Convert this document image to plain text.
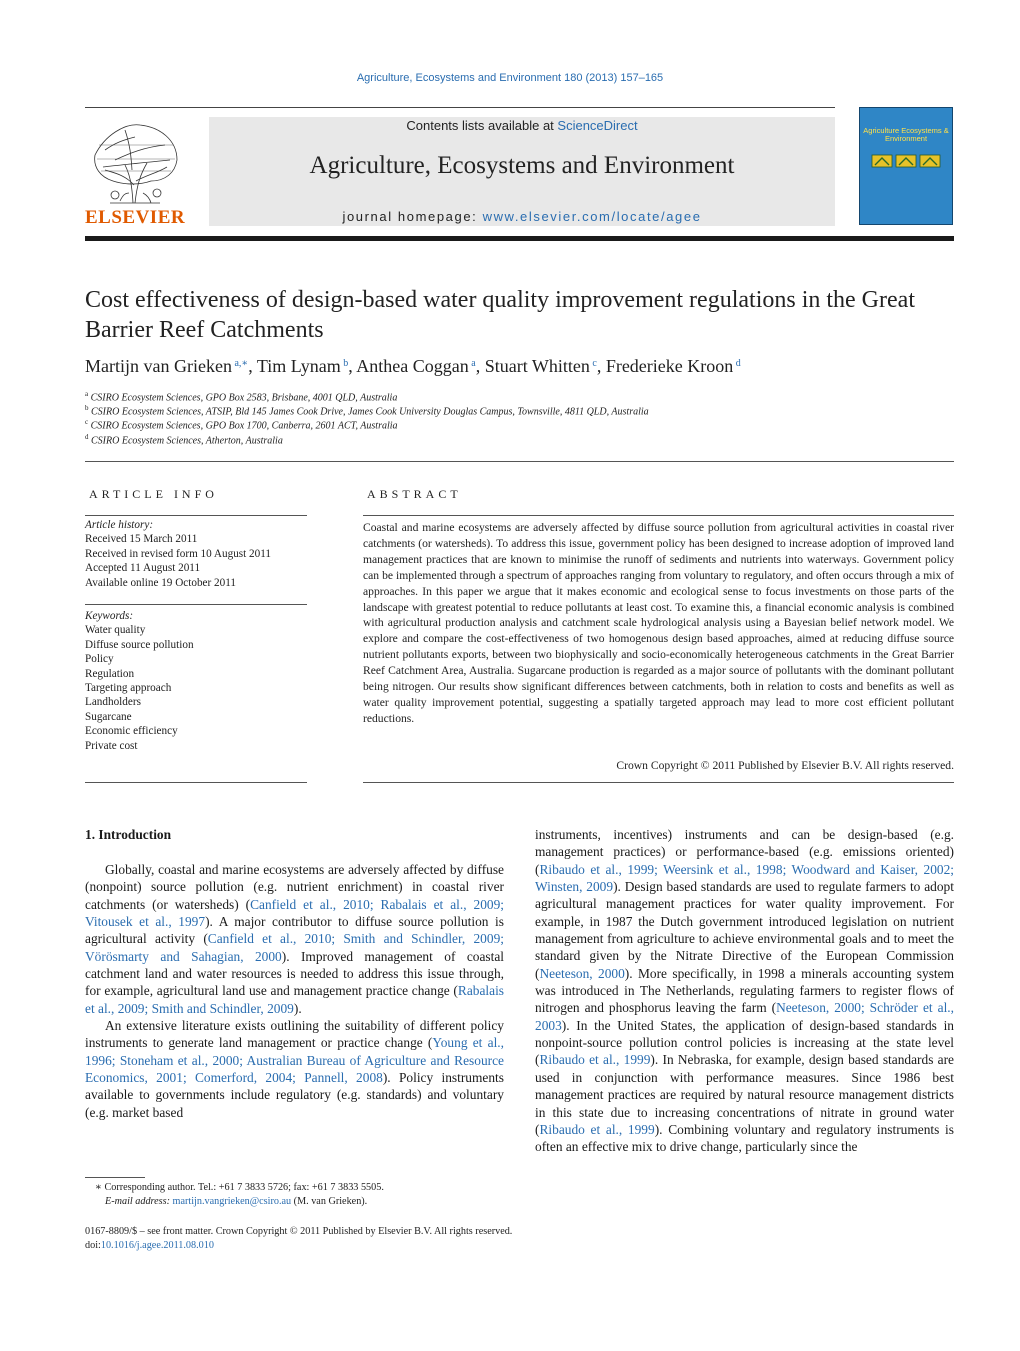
Agriculture, Ecosystems and Environment 180 (2013) 157–165
ELSEVIER
Contents lists available at ScienceDirect
Agriculture, Ecosystems and Environment
journal homepage: www.elsevier.com/locate/agee
Agriculture Ecosystems & Environment
Cost effectiveness of design-based water quality improvement regulations in the Great Barrier Reef Catchments
Martijn van Grieken $^{a,∗}$, Tim Lynam $^b$, Anthea Coggan $^a$, Stuart Whitten $^c$, Frederieke Kroon $^d$
$^a$ CSIRO Ecosystem Sciences, GPO Box 2583, Brisbane, 4001 QLD, Australia
$^b$ CSIRO Ecosystem Sciences, ATSIP, Bld 145 James Cook Drive, James Cook University Douglas Campus, Townsville, 4811 QLD, Australia
$^c$ CSIRO Ecosystem Sciences, GPO Box 1700, Canberra, 2601 ACT, Australia
$^d$ CSIRO Ecosystem Sciences, Atherton, Australia
ARTICLE INFO
Article history:
Received 15 March 2011
Received in revised form 10 August 2011
Accepted 11 August 2011
Available online 19 October 2011
Keywords:
Water quality
Diffuse source pollution
Policy
Regulation
Targeting approach
Landholders
Sugarcane
Economic efficiency
Private cost
ABSTRACT
Coastal and marine ecosystems are adversely affected by diffuse source pollution from agricultural activities in coastal river catchments (or watersheds). To address this issue, government policy has been designed to increase adoption of improved land management practices that are known to minimise the runoff of sediments and nutrients into waterways. Government policy can be implemented through a spectrum of approaches ranging from voluntary to regulatory, and often occurs through a mix of approaches. In this paper we argue that it makes economic and ecological sense to focus investments on those parts of the landscape with greatest potential to reduce pollutants at least cost. To examine this, a financial economic analysis is combined with agricultural production analysis and catchment scale hydrological analysis using a Bayesian belief network model. We explore and compare the cost-effectiveness of two homogenous design based approaches, aimed at reducing diffuse source nutrient pollutants exports, between two biophysically and socio-economically heterogeneous catchments in the Great Barrier Reef Catchment Area, Australia. Sugarcane production is regarded as a major source of pollutants with the dominant pollutant being nitrogen. Our results show significant differences between catchments, both in relation to costs and benefits as well as water quality improvement potential, suggesting a spatially targeted approach may lead to more cost efficient pollutant reductions.
Crown Copyright © 2011 Published by Elsevier B.V. All rights reserved.
1. Introduction

Globally, coastal and marine ecosystems are adversely affected by diffuse (nonpoint) source pollution (e.g. nutrient enrichment) in coastal river catchments (or watersheds) (Canfield et al., 2010; Rabalais et al., 2009; Vitousek et al., 1997). A major contributor to diffuse source pollution is agricultural activity (Canfield et al., 2010; Smith and Schindler, 2009; Vörösmarty and Sahagian, 2000). Improved management of coastal catchment land and water resources is needed to address this issue through, for example, agricultural land use and management practice change (Rabalais et al., 2009; Smith and Schindler, 2009).

An extensive literature exists outlining the suitability of different policy instruments to generate land management or practice change (Young et al., 1996; Stoneham et al., 2000; Australian Bureau of Agriculture and Resource Economics, 2001; Comerford, 2004; Pannell, 2008). Policy instruments available to governments include regulatory (e.g. standards) and voluntary (e.g. market based

instruments, incentives) instruments and can be design-based (e.g. management practices) or performance-based (e.g. emissions oriented) (Ribaudo et al., 1999; Weersink et al., 1998; Woodward and Kaiser, 2002; Winsten, 2009). Design based standards are used to regulate farmers to adopt agricultural management practices for water quality improvement. For example, in 1987 the Dutch government introduced legislation on nutrient management from agriculture to achieve environmental goals and to meet the standard given by the Nitrate Directive of the European Commission (Neeteson, 2000). More specifically, in 1998 a minerals accounting system was introduced in The Netherlands, regulating farmers to register flows of nitrogen and phosphorus leaving the farm (Neeteson, 2000; Schröder et al., 2003). In the United States, the application of design-based standards in nonpoint-source pollution control policies is increasing at the state level (Ribaudo et al., 1999). In Nebraska, for example, design based standards are used in conjunction with performance measures. Since 1986 best management practices are required by natural resource management districts in this state due to increasing concentrations of nitrate in ground water (Ribaudo et al., 1999). Combining voluntary and regulatory instruments is often an effective mix to drive change, particularly since the

∗ Corresponding author. Tel.: +61 7 3833 5726; fax: +61 7 3833 5505.
E-mail address: martijn.vangrieken@csiro.au (M. van Grieken).
0167-8809/$ – see front matter. Crown Copyright © 2011 Published by Elsevier B.V. All rights reserved.
doi:10.1016/j.agee.2011.08.010
